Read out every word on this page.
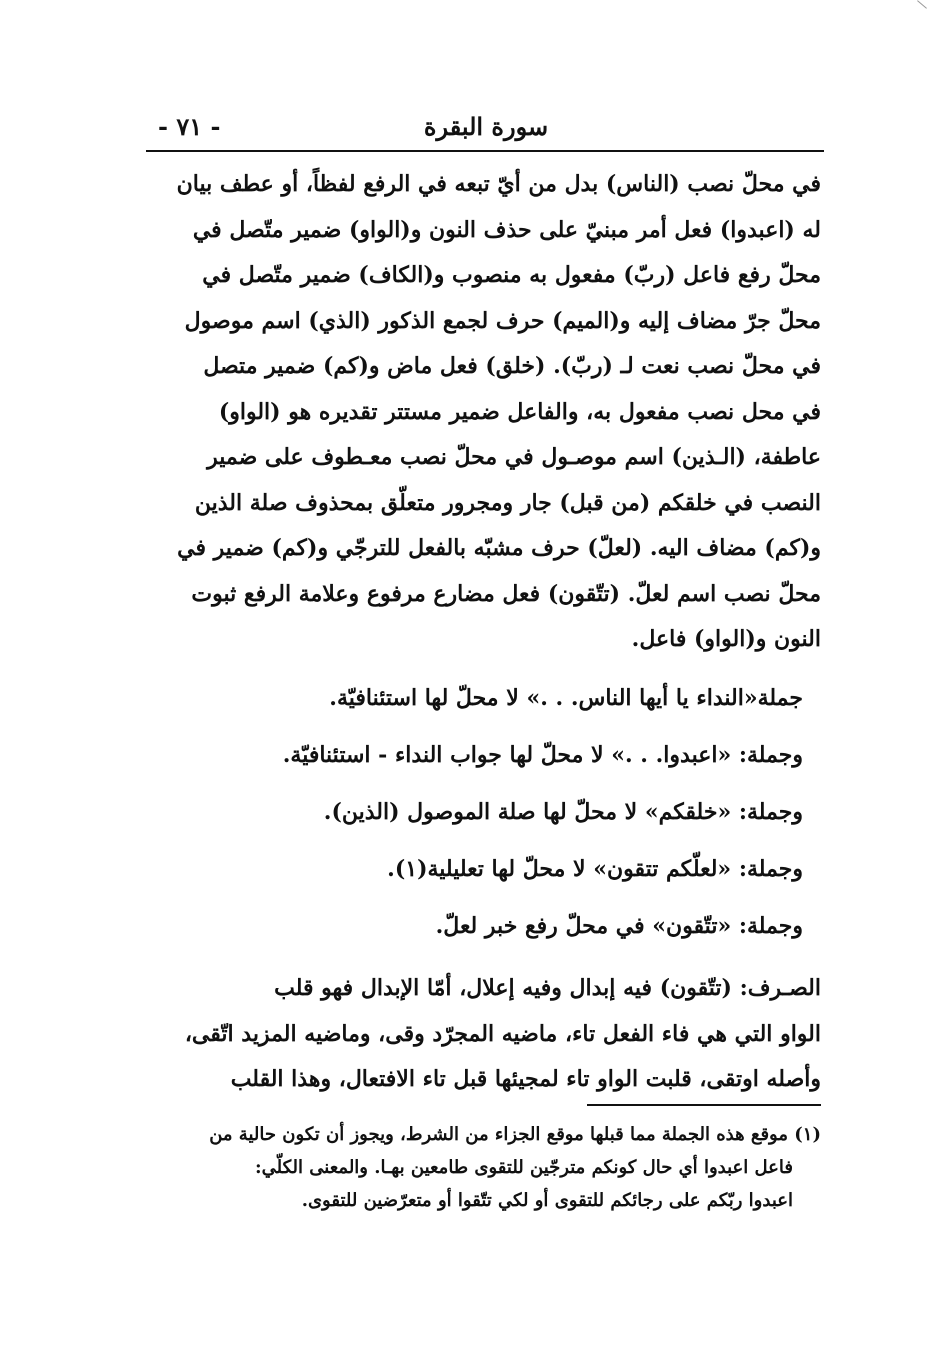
سورة البقرة
- ٧١ -
في محلّ نصب (الناس) بدل من أيّ تبعه في الرفع لفظاً، أو عطف بيان
له (اعبدوا) فعل أمر مبنيّ على حذف النون و(الواو) ضمير متّصل في
محلّ رفع فاعل (ربّ) مفعول به منصوب و(الكاف) ضمير متّصل في
محلّ جرّ مضاف إليه و(الميم) حرف لجمع الذكور (الذي) اسم موصول
في محلّ نصب نعت لـ (ربّ). (خلق) فعل ماض و(كم) ضمير متصل
في محل نصب مفعول به، والفاعل ضمير مستتر تقديره هو (الواو)
عاطفة، (الـذين) اسم موصـول في محلّ نصب معـطوف على ضمير
النصب في خلقكم (من قبل) جار ومجرور متعلّق بمحذوف صلة الذين
و(كم) مضاف اليه. (لعلّ) حرف مشبّه بالفعل للترجّي و(كم) ضمير في
محلّ نصب اسم لعلّ. (تتّقون) فعل مضارع مرفوع وعلامة الرفع ثبوت
النون و(الواو) فاعل.
جملة«النداء يا أيها الناس. . .» لا محلّ لها استئنافيّة.
وجملة: «اعبدوا. . .» لا محلّ لها جواب النداء - استئنافيّة.
وجملة: «خلقكم» لا محلّ لها صلة الموصول (الذين).
وجملة: «لعلّكم تتقون» لا محلّ لها تعليلية(١).
وجملة: «تتّقون» في محلّ رفع خبر لعلّ.
الصـرف: (تتّقون) فيه إبدال وفيه إعلال، أمّا الإبدال فهو قلب
الواو التي هي فاء الفعل تاء، ماضيه المجرّد وقى، وماضيه المزيد اتّقى،
وأصله اوتقى، قلبت الواو تاء لمجيئها قبل تاء الافتعال، وهذا القلب
(١) موقع هذه الجملة مما قبلها موقع الجزاء من الشرط، ويجوز أن تكون حالية من
فاعل اعبدوا أي حال كونكم مترجّين للتقوى طامعين بهـا. والمعنى الكلّي:
اعبدوا ربّكم على رجائكم للتقوى أو لكي تتّقوا أو متعرّضين للتقوى.
